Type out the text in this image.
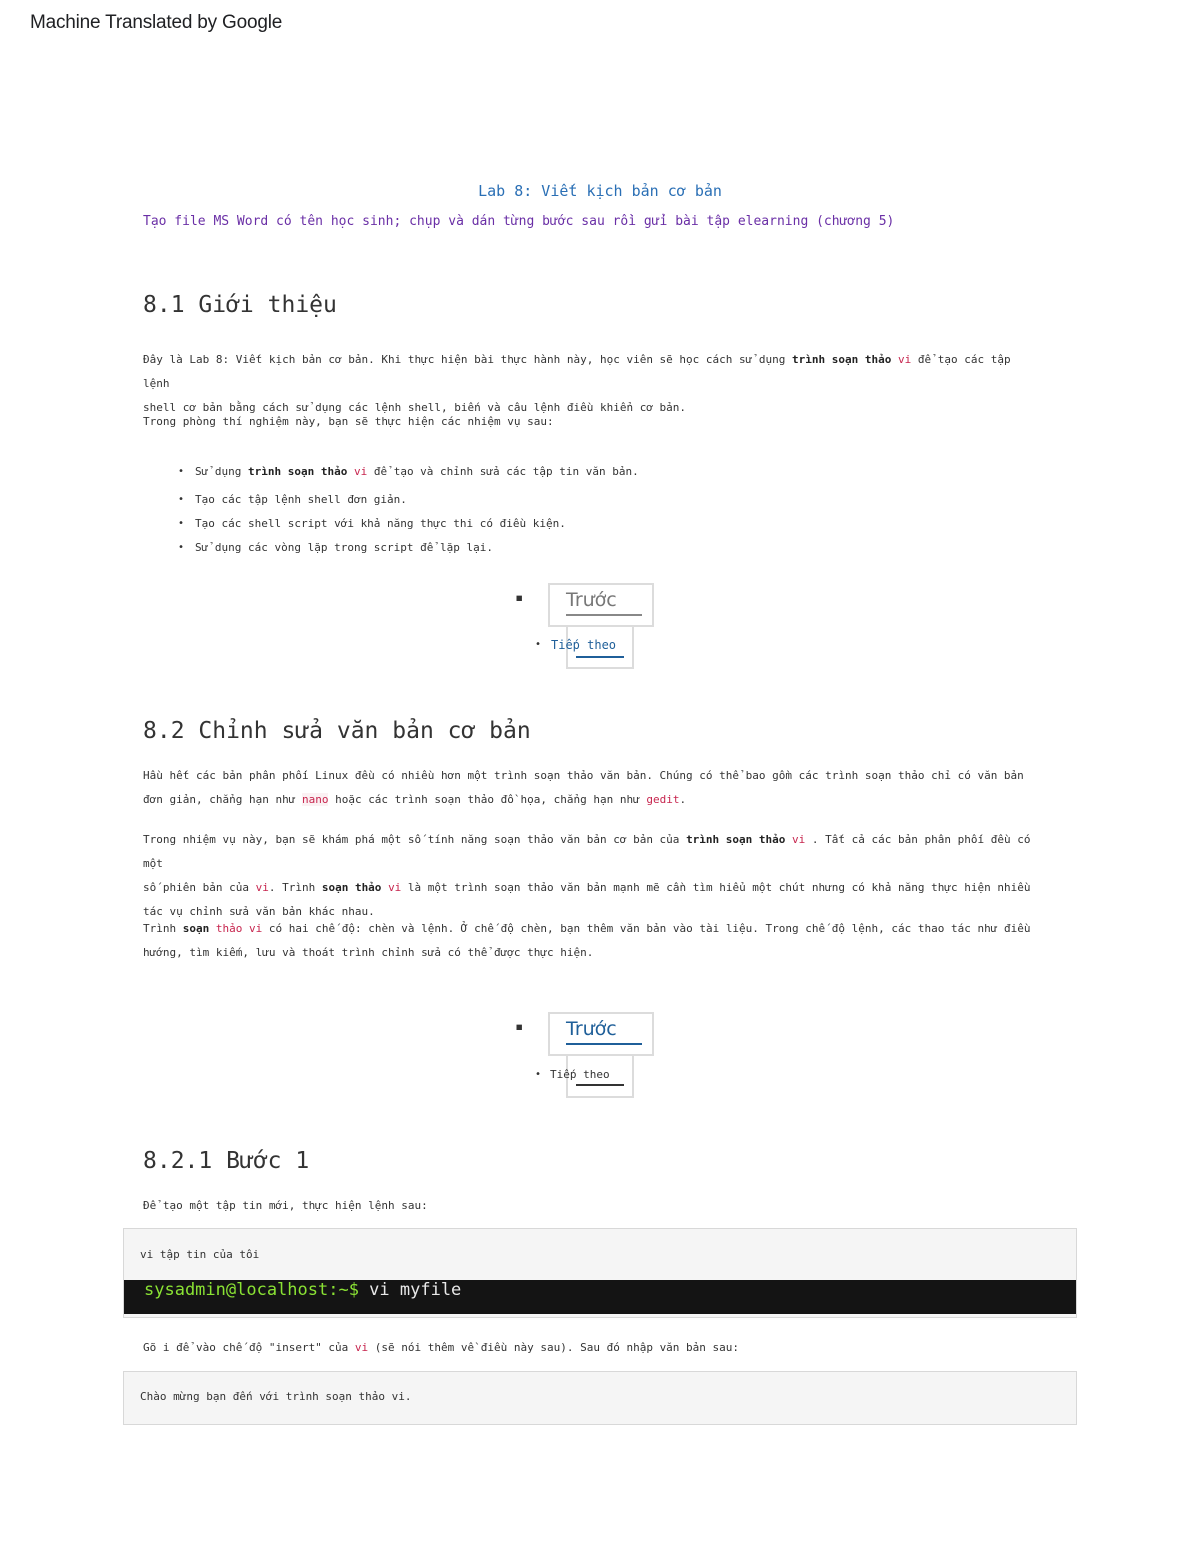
Machine Translated by Google
Lab 8: Viết kịch bản cơ bản
Tạo file MS Word có tên học sinh; chụp và dán từng bước sau rồi gửi bài tập elearning (chương 5)
8.1 Giới thiệu

Đây là Lab 8: Viết kịch bản cơ bản. Khi thực hiện bài thực hành này, học viên sẽ học cách sử dụng trình soạn thảo vi để tạo các tập lệnh
shell cơ bản bằng cách sử dụng các lệnh shell, biến và câu lệnh điều khiển cơ bản.

Trong phòng thí nghiệm này, bạn sẽ thực hiện các nhiệm vụ sau:

• Sử dụng trình soạn thảo vi để tạo và chỉnh sửa các tập tin văn bản.
• Tạo các tập lệnh shell đơn giản.
• Tạo các shell script với khả năng thực thi có điều kiện.
• Sử dụng các vòng lặp trong script để lặp lại.
▪ Trước
• Tiếp theo
8.2 Chỉnh sửa văn bản cơ bản

Hầu hết các bản phân phối Linux đều có nhiều hơn một trình soạn thảo văn bản. Chúng có thể bao gồm các trình soạn thảo chỉ có văn bản
đơn giản, chẳng hạn như nano hoặc các trình soạn thảo đồ họa, chẳng hạn như gedit.

Trong nhiệm vụ này, bạn sẽ khám phá một số tính năng soạn thảo văn bản cơ bản của trình soạn thảo vi . Tất cả các bản phân phối đều có một
số phiên bản của vi. Trình soạn thảo vi là một trình soạn thảo văn bản mạnh mẽ cần tìm hiểu một chút nhưng có khả năng thực hiện nhiều
tác vụ chỉnh sửa văn bản khác nhau.

Trình soạn thảo vi có hai chế độ: chèn và lệnh. Ở chế độ chèn, bạn thêm văn bản vào tài liệu. Trong chế độ lệnh, các thao tác như điều
hướng, tìm kiếm, lưu và thoát trình chỉnh sửa có thể được thực hiện.

▪ Trước
• Tiếp theo
8.2.1 Bước 1

Để tạo một tập tin mới, thực hiện lệnh sau:

vi tập tin của tôi
sysadmin@localhost:~$ vi myfile

Gõ i để vào chế độ "insert" của vi (sẽ nói thêm về điều này sau). Sau đó nhập văn bản sau:

Chào mừng bạn đến với trình soạn thảo vi.
